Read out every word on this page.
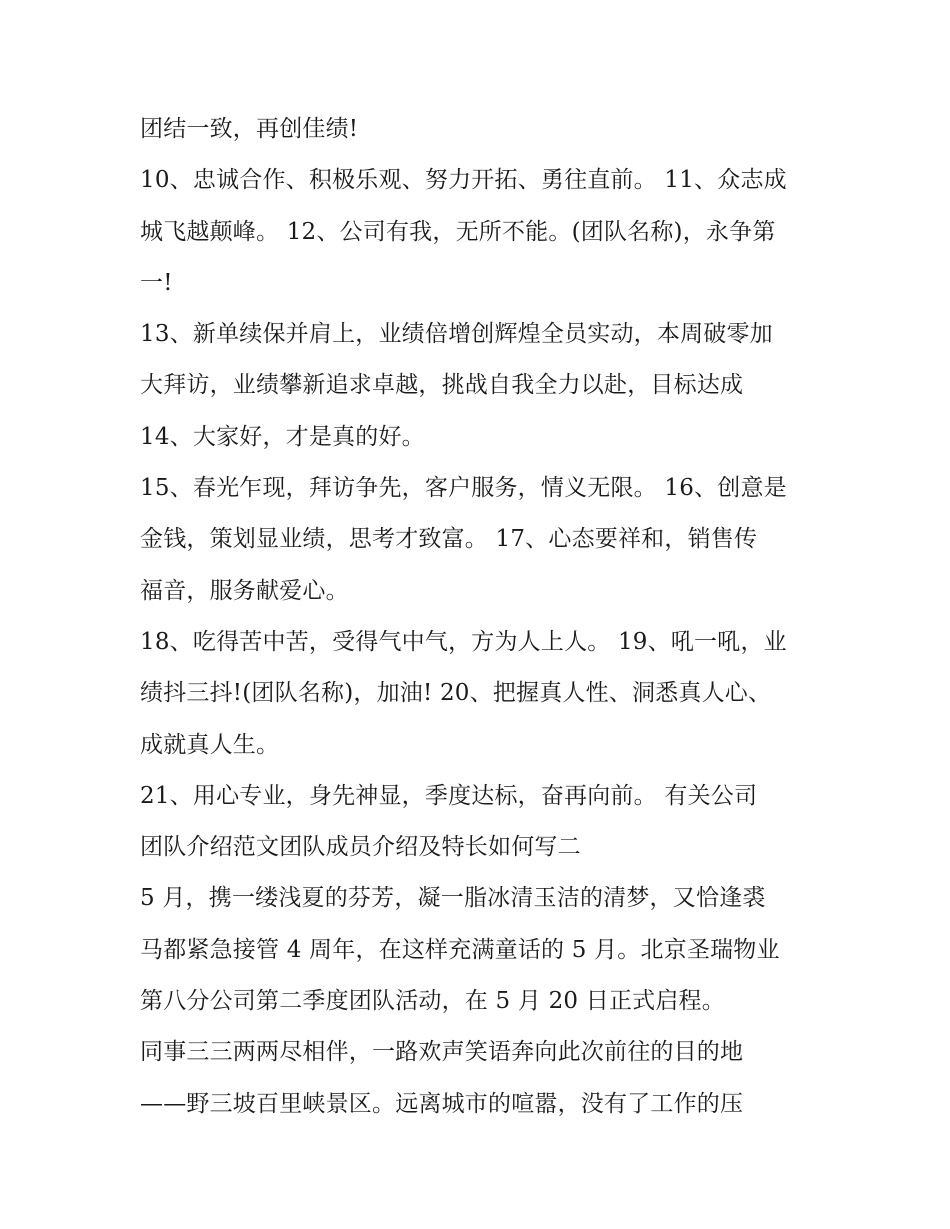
团结一致，再创佳绩!
10、忠诚合作、积极乐观、努力开拓、勇往直前。 11、众志成
城飞越颠峰。 12、公司有我，无所不能。(团队名称)，永争第
一!
13、新单续保并肩上，业绩倍增创辉煌全员实动，本周破零加
大拜访，业绩攀新追求卓越，挑战自我全力以赴，目标达成
14、大家好，才是真的好。
15、春光乍现，拜访争先，客户服务，情义无限。 16、创意是
金钱，策划显业绩，思考才致富。 17、心态要祥和，销售传
福音，服务献爱心。
18、吃得苦中苦，受得气中气，方为人上人。 19、吼一吼，业
绩抖三抖!(团队名称)，加油! 20、把握真人性、洞悉真人心、
成就真人生。
21、用心专业，身先神显，季度达标，奋再向前。 有关公司
团队介绍范文团队成员介绍及特长如何写二
5 月，携一缕浅夏的芬芳，凝一脂冰清玉洁的清梦，又恰逢裘
马都紧急接管 4 周年，在这样充满童话的 5 月。北京圣瑞物业
第八分公司第二季度团队活动，在 5 月 20 日正式启程。
同事三三两两尽相伴，一路欢声笑语奔向此次前往的目的地
——野三坡百里峡景区。远离城市的喧嚣，没有了工作的压
